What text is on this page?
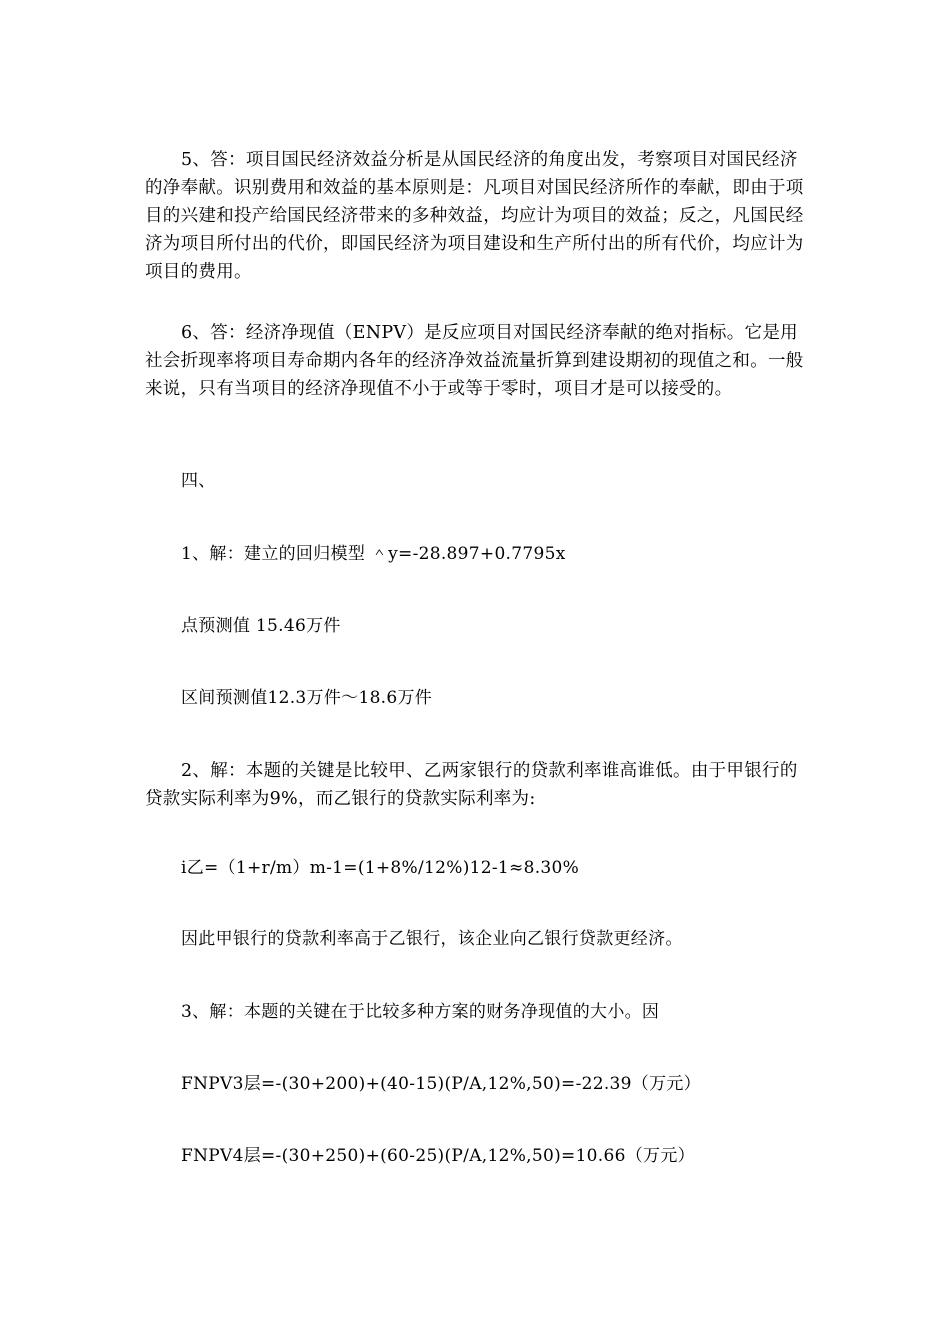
5、答：项目国民经济效益分析是从国民经济的角度出发，考察项目对国民经济的净奉献。识别费用和效益的基本原则是：凡项目对国民经济所作的奉献，即由于项目的兴建和投产给国民经济带来的多种效益，均应计为项目的效益；反之，凡国民经济为项目所付出的代价，即国民经济为项目建设和生产所付出的所有代价，均应计为项目的费用。

6、答：经济净现值（ENPV）是反应项目对国民经济奉献的绝对指标。它是用社会折现率将项目寿命期内各年的经济净效益流量折算到建设期初的现值之和。一般来说，只有当项目的经济净现值不小于或等于零时，项目才是可以接受的。

四、
1、解：建立的回归模型 ＾y=-28.897+0.7795x
点预测值 15.46万件
区间预测值12.3万件～18.6万件

2、解：本题的关键是比较甲、乙两家银行的贷款利率谁高谁低。由于甲银行的贷款实际利率为9%，而乙银行的贷款实际利率为:

i乙=（1+r/m）m-1=(1+8%/12%)12-1≈8.30%
因此甲银行的贷款利率高于乙银行，该企业向乙银行贷款更经济。
3、解：本题的关键在于比较多种方案的财务净现值的大小。因
FNPV3层=-(30+200)+(40-15)(P/A,12%,50)=-22.39（万元）
FNPV4层=-(30+250)+(60-25)(P/A,12%,50)=10.66（万元）
